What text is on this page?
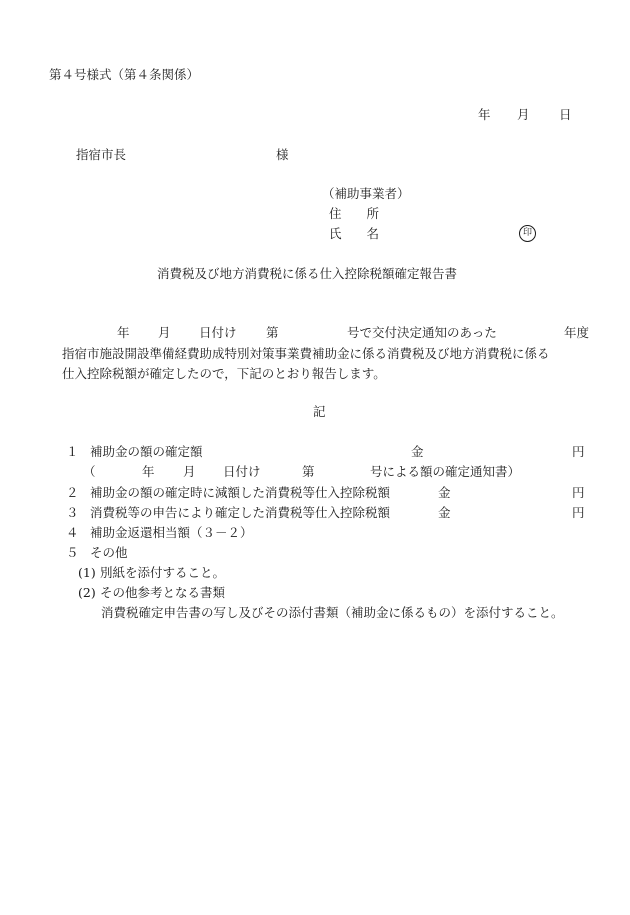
第４号様式（第４条関係）
年 月 日
指宿市長	様
（補助事業者）
住　　所
氏　　名	印
消費税及び地方消費税に係る仕入控除税額確定報告書
年 月 日付け 第	号で交付決定通知のあった	年度
指宿市施設開設準備経費助成特別対策事業費補助金に係る消費税及び地方消費税に係る
仕入控除税額が確定したので，下記のとおり報告します。
記
１ 補助金の額の確定額	金	円
（	年 月 日付け	第	号による額の確定通知書）
２ 補助金の額の確定時に減額した消費税等仕入控除税額	金	円
３ 消費税等の申告により確定した消費税等仕入控除税額	金	円
４ 補助金返還相当額（３－２）
５ その他
(1) 別紙を添付すること。
(2) その他参考となる書類
消費税確定申告書の写し及びその添付書類（補助金に係るもの）を添付すること。
